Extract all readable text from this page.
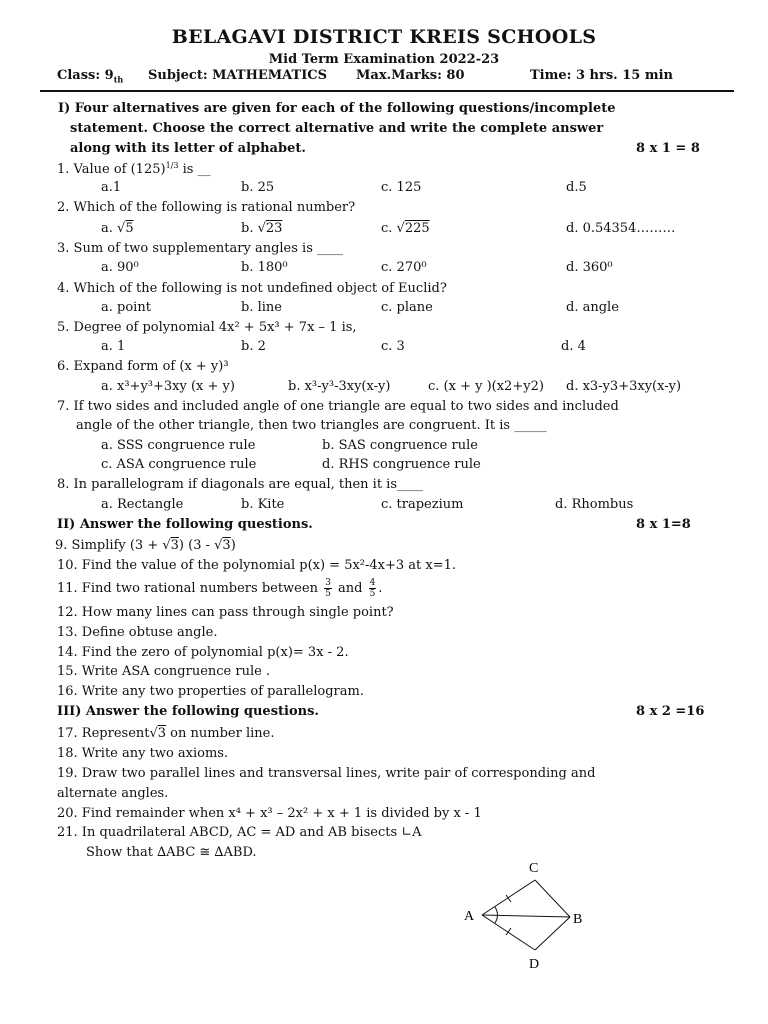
BELAGAVI DISTRICT KREIS SCHOOLS
Mid Term Examination 2022-23
Class: $9_{th}$ Subject: MATHEMATICS Max.Marks: 80	Time: 3 hrs. 15 min
I) Four alternatives are given for each of the following questions/incomplete
statement. Choose the correct alternative and write the complete answer
along with its letter of alphabet.	8 x 1 = 8
1. Value of $(125)^{1/3}$ is __
a.1	b. 25	c. 125	d.5
2. Which of the following is rational number?
a. √5	b. √23	c. √225	d. 0.54354………
3. Sum of two supplementary angles is ____
a. 90⁰	b. 180⁰	c. 270⁰	d. 360⁰
4. Which of the following is not undefined object of Euclid?
a. point	b. line	c. plane	d. angle
5. Degree of polynomial 4x² + 5x³ + 7x – 1 is,
a. 1	b. 2	c. 3	d. 4
6. Expand form of (x + y)³
a. x³+y³+3xy (x + y)	b. x³-y³-3xy(x-y)	c. (x + y )(x2+y2) d. x3-y3+3xy(x-y)
7. If two sides and included angle of one triangle are equal to two sides and included
angle of the other triangle, then two triangles are congruent. It is _____
a. SSS congruence rule	b. SAS congruence rule
c. ASA congruence rule	d. RHS congruence rule
8. In parallelogram if diagonals are equal, then it is____
a. Rectangle	b. Kite	c. trapezium	d. Rhombus
II) Answer the following questions.	8 x 1=8
9. Simplify (3 + √3) (3 - √3)
10. Find the value of the polynomial p(x) = 5x²-4x+3 at x=1.
11. Find two rational numbers between $\frac{3}{5}$ and $\frac{4}{5}$ .
12. How many lines can pass through single point?
13. Define obtuse angle.
14. Find the zero of polynomial p(x)= 3x - 2.
15. Write ASA congruence rule .
16. Write any two properties of parallelogram.
III) Answer the following questions.	8 x 2 =16
17. Represent√3 on number line.
18. Write any two axioms.
19. Draw two parallel lines and transversal lines, write pair of corresponding and
alternate angles.
20. Find remainder when x⁴ + x³ – 2x² + x + 1 is divided by x - 1
21. In quadrilateral ABCD, AC = AD and AB bisects ∟A
Show that ∆ABC ≅ ∆ABD.
C
A	B
D
